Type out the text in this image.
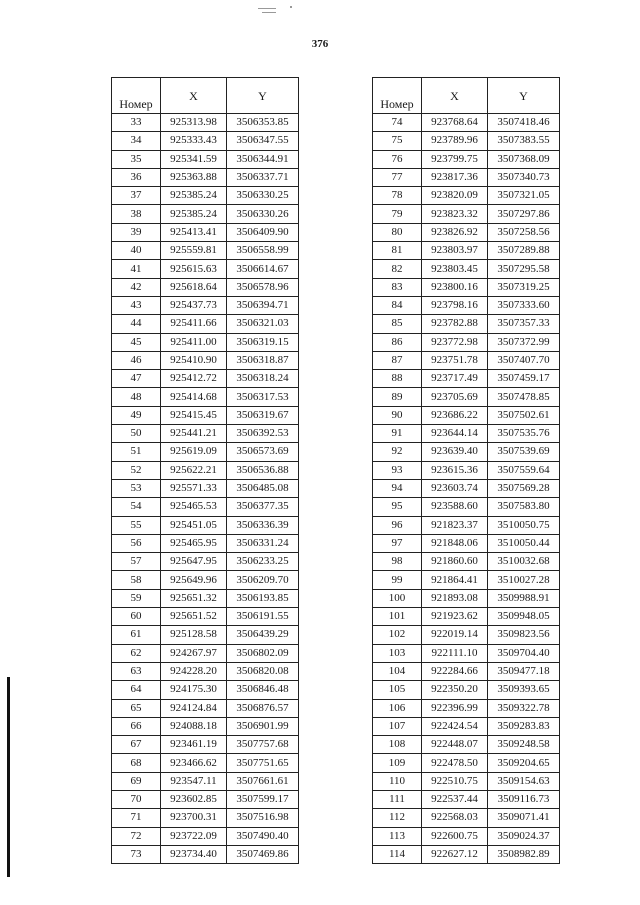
376
Номер	X	Y
33	925313.98	3506353.85
34	925333.43	3506347.55
35	925341.59	3506344.91
36	925363.88	3506337.71
37	925385.24	3506330.25
38	925385.24	3506330.26
39	925413.41	3506409.90
40	925559.81	3506558.99
41	925615.63	3506614.67
42	925618.64	3506578.96
43	925437.73	3506394.71
44	925411.66	3506321.03
45	925411.00	3506319.15
46	925410.90	3506318.87
47	925412.72	3506318.24
48	925414.68	3506317.53
49	925415.45	3506319.67
50	925441.21	3506392.53
51	925619.09	3506573.69
52	925622.21	3506536.88
53	925571.33	3506485.08
54	925465.53	3506377.35
55	925451.05	3506336.39
56	925465.95	3506331.24
57	925647.95	3506233.25
58	925649.96	3506209.70
59	925651.32	3506193.85
60	925651.52	3506191.55
61	925128.58	3506439.29
62	924267.97	3506802.09
63	924228.20	3506820.08
64	924175.30	3506846.48
65	924124.84	3506876.57
66	924088.18	3506901.99
67	923461.19	3507757.68
68	923466.62	3507751.65
69	923547.11	3507661.61
70	923602.85	3507599.17
71	923700.31	3507516.98
72	923722.09	3507490.40
73	923734.40	3507469.86
Номер	X	Y
74	923768.64	3507418.46
75	923789.96	3507383.55
76	923799.75	3507368.09
77	923817.36	3507340.73
78	923820.09	3507321.05
79	923823.32	3507297.86
80	923826.92	3507258.56
81	923803.97	3507289.88
82	923803.45	3507295.58
83	923800.16	3507319.25
84	923798.16	3507333.60
85	923782.88	3507357.33
86	923772.98	3507372.99
87	923751.78	3507407.70
88	923717.49	3507459.17
89	923705.69	3507478.85
90	923686.22	3507502.61
91	923644.14	3507535.76
92	923639.40	3507539.69
93	923615.36	3507559.64
94	923603.74	3507569.28
95	923588.60	3507583.80
96	921823.37	3510050.75
97	921848.06	3510050.44
98	921860.60	3510032.68
99	921864.41	3510027.28
100	921893.08	3509988.91
101	921923.62	3509948.05
102	922019.14	3509823.56
103	922111.10	3509704.40
104	922284.66	3509477.18
105	922350.20	3509393.65
106	922396.99	3509322.78
107	922424.54	3509283.83
108	922448.07	3509248.58
109	922478.50	3509204.65
110	922510.75	3509154.63
111	922537.44	3509116.73
112	922568.03	3509071.41
113	922600.75	3509024.37
114	922627.12	3508982.89
